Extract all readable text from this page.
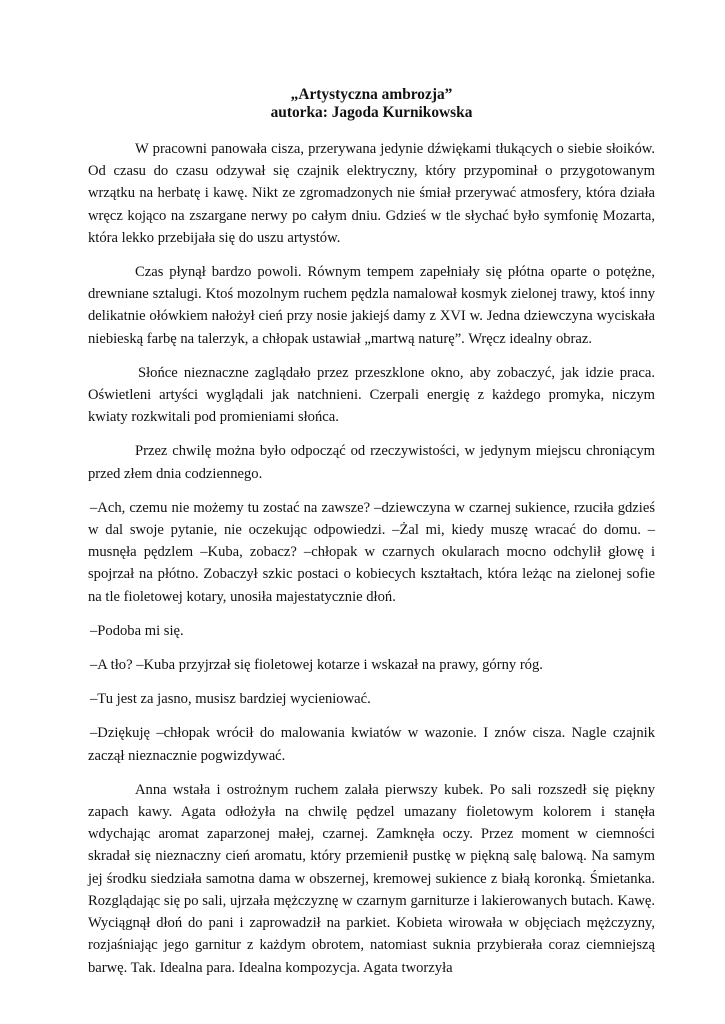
„Artystyczna ambrozja”
autorka: Jagoda Kurnikowska

W pracowni panowała cisza, przerywana jedynie dźwiękami tłukących o siebie słoików. Od czasu do czasu odzywał się czajnik elektryczny, który przypominał o przygotowanym wrzątku na herbatę i kawę. Nikt ze zgromadzonych nie śmiał przerywać atmosfery, która działa wręcz kojąco na zszargane nerwy po całym dniu. Gdzieś w tle słychać było symfonię Mozarta, która lekko przebijała się do uszu artystów.

Czas płynął bardzo powoli. Równym tempem zapełniały się płótna oparte o potężne, drewniane sztalugi. Ktoś mozolnym ruchem pędzla namalował kosmyk zielonej trawy, ktoś inny delikatnie ołówkiem nałożył cień przy nosie jakiejś damy z XVI w. Jedna dziewczyna wyciskała niebieską farbę na talerzyk, a chłopak ustawiał „martwą naturę”. Wręcz idealny obraz.

Słońce nieznaczne zaglądało przez przeszklone okno, aby zobaczyć, jak idzie praca. Oświetleni artyści wyglądali jak natchnieni. Czerpali energię z każdego promyka, niczym kwiaty rozkwitali pod promieniami słońca.

Przez chwilę można było odpocząć od rzeczywistości, w jedynym miejscu chroniącym przed złem dnia codziennego.

–Ach, czemu nie możemy tu zostać na zawsze? –dziewczyna w czarnej sukience, rzuciła gdzieś w dal swoje pytanie, nie oczekując odpowiedzi. –Żal mi, kiedy muszę wracać do domu. –musnęła pędzlem –Kuba, zobacz? –chłopak w czarnych okularach mocno odchylił głowę i spojrzał na płótno. Zobaczył szkic postaci o kobiecych kształtach, która leżąc na zielonej sofie na tle fioletowej kotary, unosiła majestatycznie dłoń.

–Podoba mi się.

–A tło? –Kuba przyjrzał się fioletowej kotarze i wskazał na prawy, górny róg.

–Tu jest za jasno, musisz bardziej wycieniować.

–Dziękuję –chłopak wrócił do malowania kwiatów w wazonie. I znów cisza. Nagle czajnik zaczął nieznacznie pogwizdywać.

Anna wstała i ostrożnym ruchem zalała pierwszy kubek. Po sali rozszedł się piękny zapach kawy. Agata odłożyła na chwilę pędzel umazany fioletowym kolorem i stanęła wdychając aromat zaparzonej małej, czarnej. Zamknęła oczy. Przez moment w ciemności skradał się nieznaczny cień aromatu, który przemienił pustkę w piękną salę balową. Na samym jej środku siedziała samotna dama w obszernej, kremowej sukience z białą koronką. Śmietanka. Rozglądając się po sali, ujrzała mężczyznę w czarnym garniturze i lakierowanych butach. Kawę. Wyciągnął dłoń do pani i zaprowadził na parkiet. Kobieta wirowała w objęciach mężczyzny, rozjaśniając jego garnitur z każdym obrotem, natomiast suknia przybierała coraz ciemniejszą barwę. Tak. Idealna para. Idealna kompozycja. Agata tworzyła
